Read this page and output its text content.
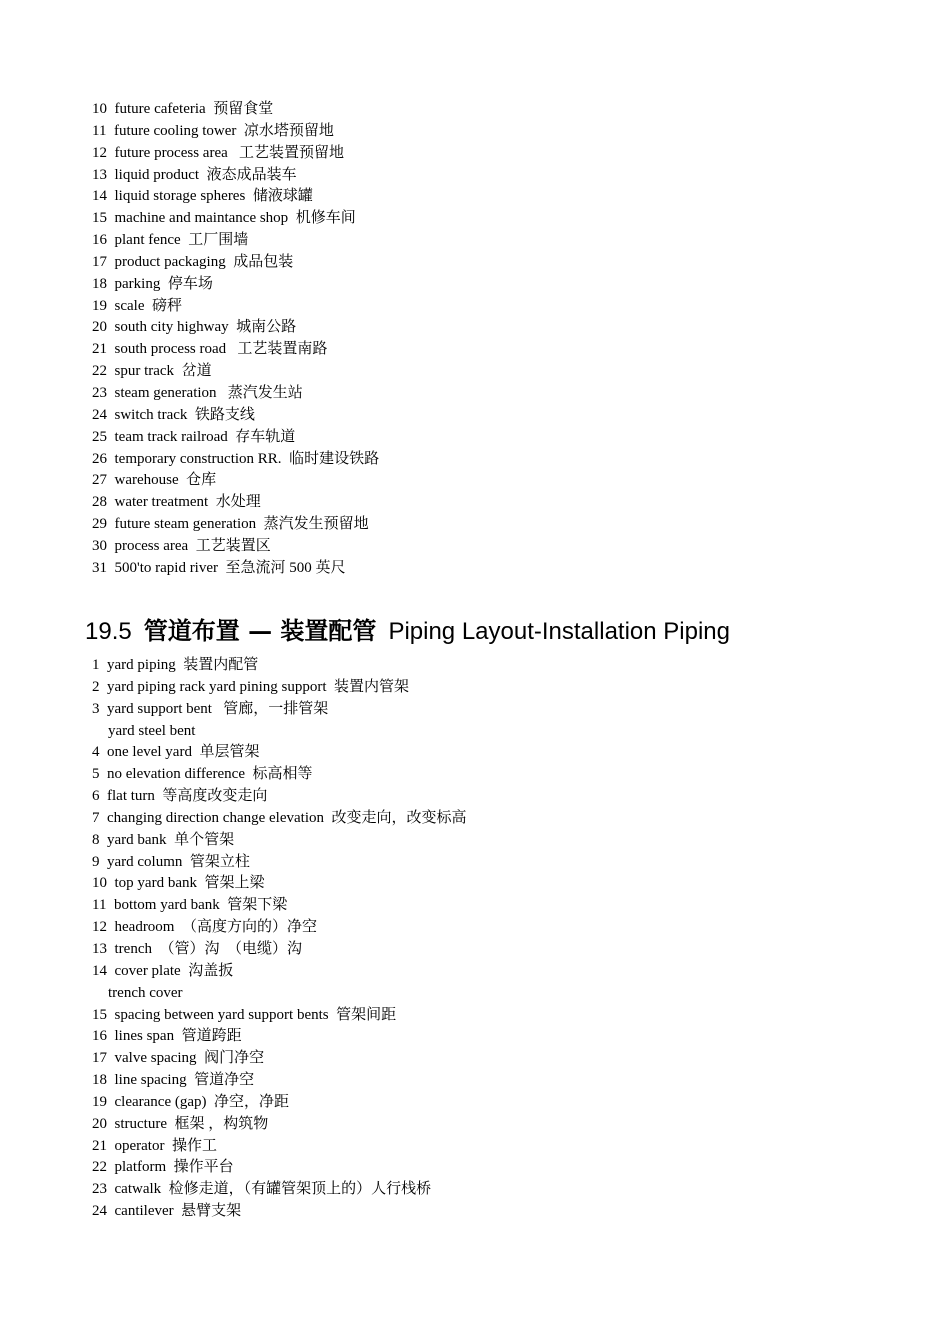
10 future cafeteria 预留食堂
11 future cooling tower 凉水塔预留地
12 future process area   工艺装置预留地
13 liquid product 液态成品装车
14 liquid storage spheres 储液球罐
15 machine and maintance shop 机修车间
16 plant fence 工厂围墙
17 product packaging 成品包装
18 parking 停车场
19 scale 磅秤
20 south city highway 城南公路
21 south process road   工艺装置南路
22 spur track 岔道
23 steam generation   蒸汽发生站
24 switch track 铁路支线
25 team track railroad 存车轨道
26 temporary construction RR. 临时建设铁路
27 warehouse 仓库
28 water treatment 水处理
29 future steam generation 蒸汽发生预留地
30 process area 工艺装置区
31 500'to rapid river 至急流河 500 英尺
19.5 管道布置 — 装置配管 Piping Layout-Installation Piping
1 yard piping 装置内配管
2 yard piping rack yard pining support 装置内管架
3 yard support bent   管廊，一排管架
yard steel bent
4 one level yard 单层管架
5 no elevation difference 标高相等
6 flat turn 等高度改变走向
7 changing direction change elevation 改变走向，改变标高
8 yard bank 单个管架
9 yard column 管架立柱
10 top yard bank 管架上梁
11 bottom yard bank 管架下梁
12 headroom （高度方向的）净空
13 trench （管）沟  （电缆）沟
14 cover plate 沟盖扳
trench cover
15 spacing between yard support bents 管架间距
16 lines span 管道跨距
17 valve spacing 阀门净空
18 line spacing 管道净空
19 clearance (gap) 净空，净距
20 structure 框架 ，构筑物
21 operator 操作工
22 platform 操作平台
23 catwalk 检修走道，（有罐管架顶上的）人行栈桥
24 cantilever 悬臂支架
